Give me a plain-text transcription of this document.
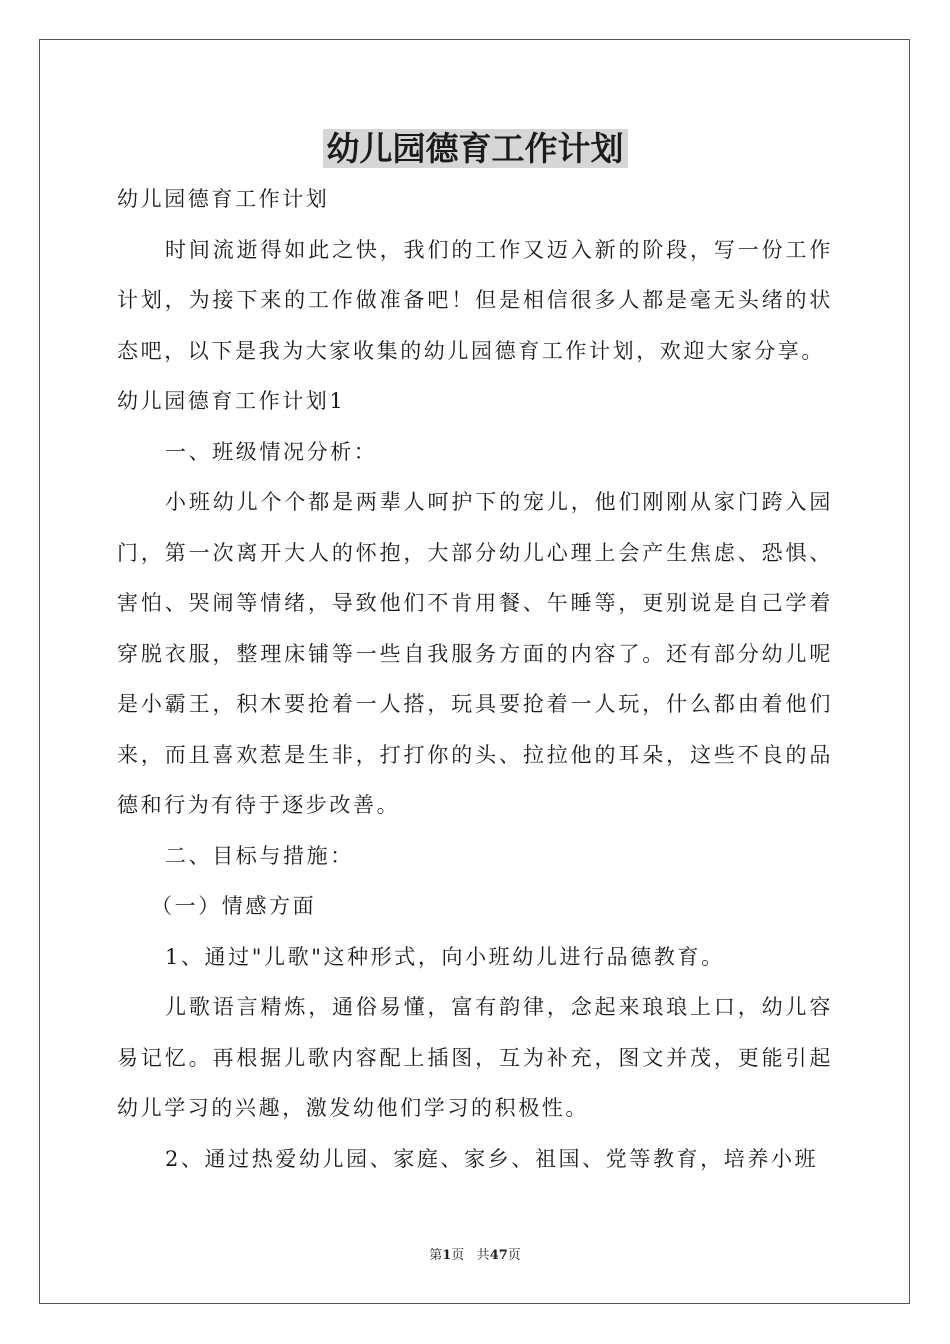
幼儿园德育工作计划

幼儿园德育工作计划

时间流逝得如此之快，我们的工作又迈入新的阶段，写一份工作计划，为接下来的工作做准备吧！但是相信很多人都是毫无头绪的状态吧，以下是我为大家收集的幼儿园德育工作计划，欢迎大家分享。

幼儿园德育工作计划1

一、班级情况分析：

小班幼儿个个都是两辈人呵护下的宠儿，他们刚刚从家门跨入园门，第一次离开大人的怀抱，大部分幼儿心理上会产生焦虑、恐惧、害怕、哭闹等情绪，导致他们不肯用餐、午睡等，更别说是自己学着穿脱衣服，整理床铺等一些自我服务方面的内容了。还有部分幼儿呢是小霸王，积木要抢着一人搭，玩具要抢着一人玩，什么都由着他们来，而且喜欢惹是生非，打打你的头、拉拉他的耳朵，这些不良的品德和行为有待于逐步改善。

二、目标与措施：

（一）情感方面

1、通过"儿歌"这种形式，向小班幼儿进行品德教育。

儿歌语言精炼，通俗易懂，富有韵律，念起来琅琅上口，幼儿容易记忆。再根据儿歌内容配上插图，互为补充，图文并茂，更能引起幼儿学习的兴趣，激发幼他们学习的积极性。

2、通过热爱幼儿园、家庭、家乡、祖国、党等教育，培养小班

第1页 共47页
